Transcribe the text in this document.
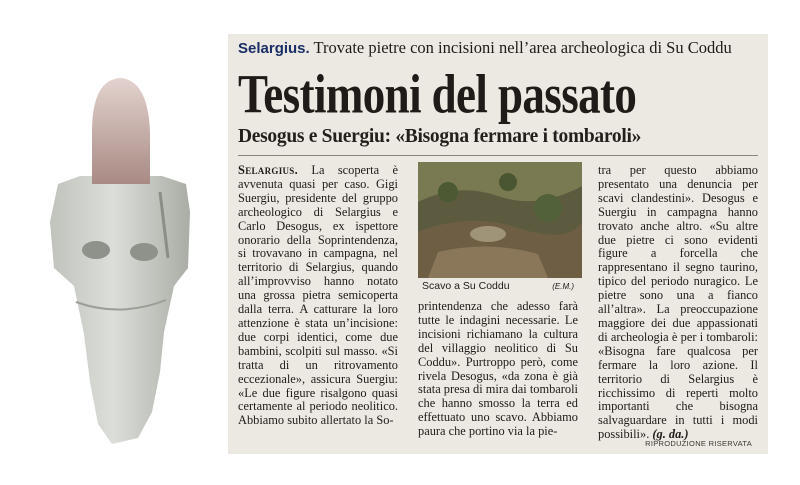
Selargius. Trovate pietre con incisioni nell’area archeologica di Su Coddu
Testimoni del passato
Desogus e Suergiu: «Bisogna fermare i tombaroli»

Selargius. La scoperta è avvenuta quasi per caso. Gigi Suergiu, presidente del gruppo archeologico di Selargius e Carlo Desogus, ex ispettore onorario della Soprintendenza, si trovavano in campagna, nel territorio di Selargius, quando all’improvviso hanno notato una grossa pietra semicoperta dalla terra. A catturare la loro attenzione è stata un’incisione: due corpi identici, come due bambini, scolpiti sul masso. «Si tratta di un ritrovamento eccezionale», assicura Suergiu: «Le due figure risalgono quasi certamente al periodo neolitico. Abbiamo subito allertato la So-

Scavo a Su Coddu	(E.M.)

printendenza che adesso farà tutte le indagini necessarie. Le incisioni richiamano la cultura del villaggio neolitico di Su Coddu». Purtroppo però, come rivela Desogus, «da zona è già stata presa di mira dai tombaroli che hanno smosso la terra ed effettuato uno scavo. Abbiamo paura che portino via la pie-

tra per questo abbiamo presentato una denuncia per scavi clandestini». Desogus e Suergiu in campagna hanno trovato anche altro. «Su altre due pietre ci sono evidenti figure a forcella che rappresentano il segno taurino, tipico del periodo nuragico. Le pietre sono una a fianco all’altra». La preoccupazione maggiore dei due appassionati di archeologia è per i tombaroli: «Bisogna fare qualcosa per fermare la loro azione. Il territorio di Selargius è ricchissimo di reperti molto importanti che bisogna salvaguardare in tutti i modi possibili». (g. da.)

RIPRODUZIONE RISERVATA
